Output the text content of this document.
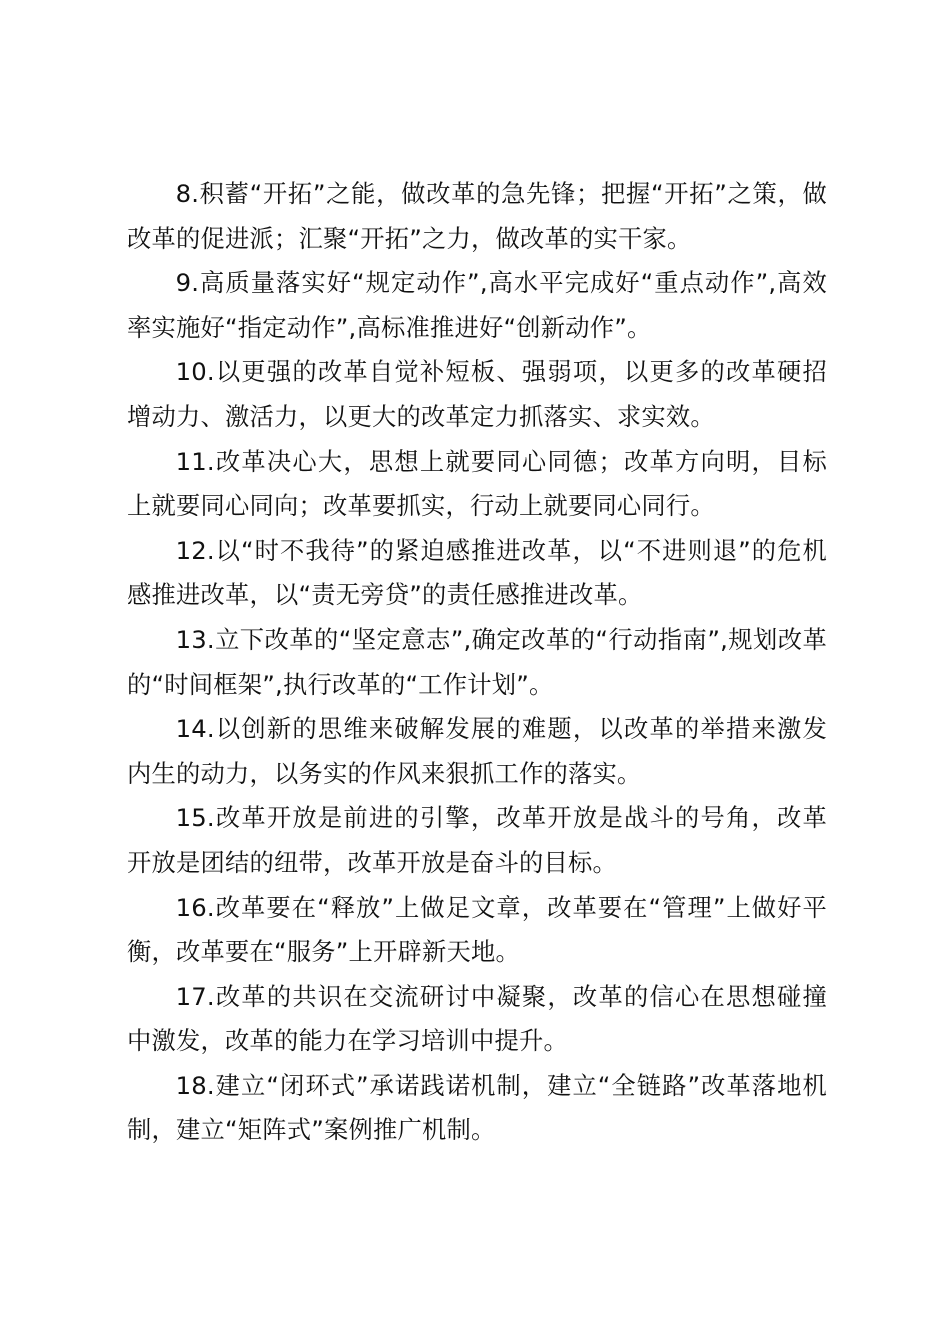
8.积蓄“开拓”之能，做改革的急先锋；把握“开拓”之策，做改革的促进派；汇聚“开拓”之力，做改革的实干家。

9.高质量落实好“规定动作”,高水平完成好“重点动作”,高效率实施好“指定动作”,高标准推进好“创新动作”。

10.以更强的改革自觉补短板、强弱项，以更多的改革硬招增动力、激活力，以更大的改革定力抓落实、求实效。

11.改革决心大，思想上就要同心同德；改革方向明，目标上就要同心同向；改革要抓实，行动上就要同心同行。

12.以“时不我待”的紧迫感推进改革，以“不进则退”的危机感推进改革，以“责无旁贷”的责任感推进改革。

13.立下改革的“坚定意志”,确定改革的“行动指南”,规划改革的“时间框架”,执行改革的“工作计划”。

14.以创新的思维来破解发展的难题，以改革的举措来激发内生的动力，以务实的作风来狠抓工作的落实。

15.改革开放是前进的引擎，改革开放是战斗的号角，改革开放是团结的纽带，改革开放是奋斗的目标。

16.改革要在“释放”上做足文章，改革要在“管理”上做好平衡，改革要在“服务”上开辟新天地。

17.改革的共识在交流研讨中凝聚，改革的信心在思想碰撞中激发，改革的能力在学习培训中提升。

18.建立“闭环式”承诺践诺机制，建立“全链路”改革落地机制，建立“矩阵式”案例推广机制。
